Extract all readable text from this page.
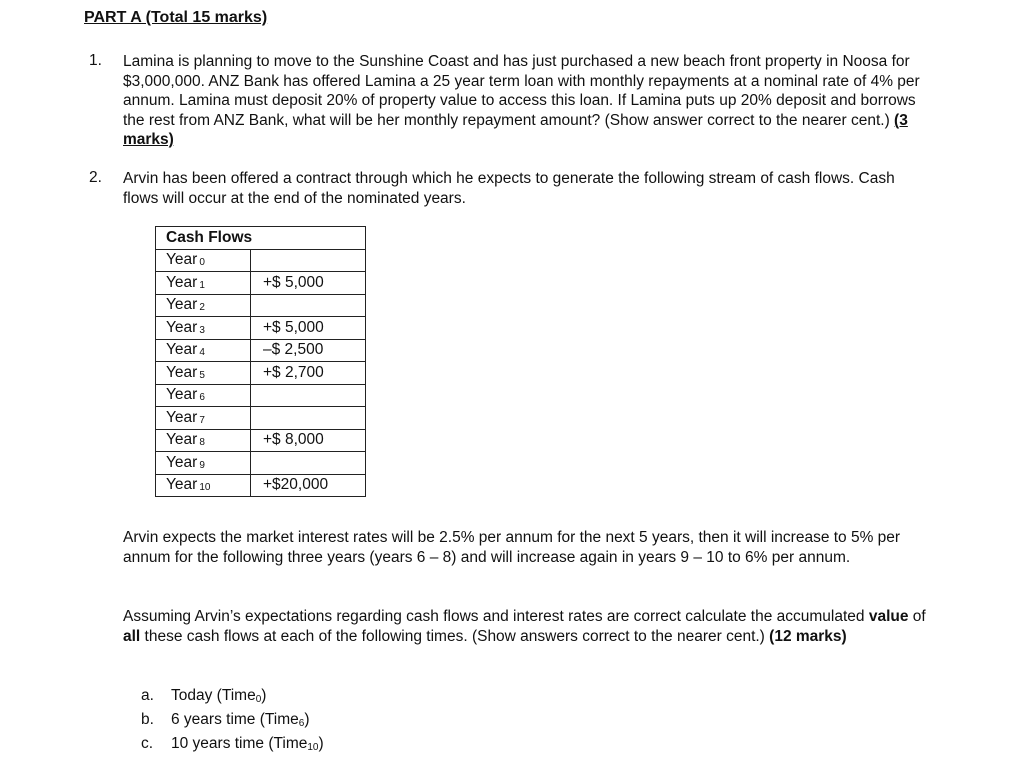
PART A (Total 15 marks)
1. Lamina is planning to move to the Sunshine Coast and has just purchased a new beach front property in Noosa for $3,000,000. ANZ Bank has offered Lamina a 25 year term loan with monthly repayments at a nominal rate of 4% per annum. Lamina must deposit 20% of property value to access this loan. If Lamina puts up 20% deposit and borrows the rest from ANZ Bank, what will be her monthly repayment amount? (Show answer correct to the nearer cent.) (3 marks)
2. Arvin has been offered a contract through which he expects to generate the following stream of cash flows. Cash flows will occur at the end of the nominated years.
Cash Flows	
Year 0	
Year 1	+$ 5,000
Year 2	
Year 3	+$ 5,000
Year 4	–$ 2,500
Year 5	+$ 2,700
Year 6	
Year 7	
Year 8	+$ 8,000
Year 9	
Year 10	+$20,000
Arvin expects the market interest rates will be 2.5% per annum for the next 5 years, then it will increase to 5% per annum for the following three years (years 6 – 8) and will increase again in years 9 – 10 to 6% per annum.
Assuming Arvin’s expectations regarding cash flows and interest rates are correct calculate the accumulated value of all these cash flows at each of the following times. (Show answers correct to the nearer cent.) (12 marks)
a.	Today (Time0)
b.	6 years time (Time6)
c.	10 years time (Time10)
